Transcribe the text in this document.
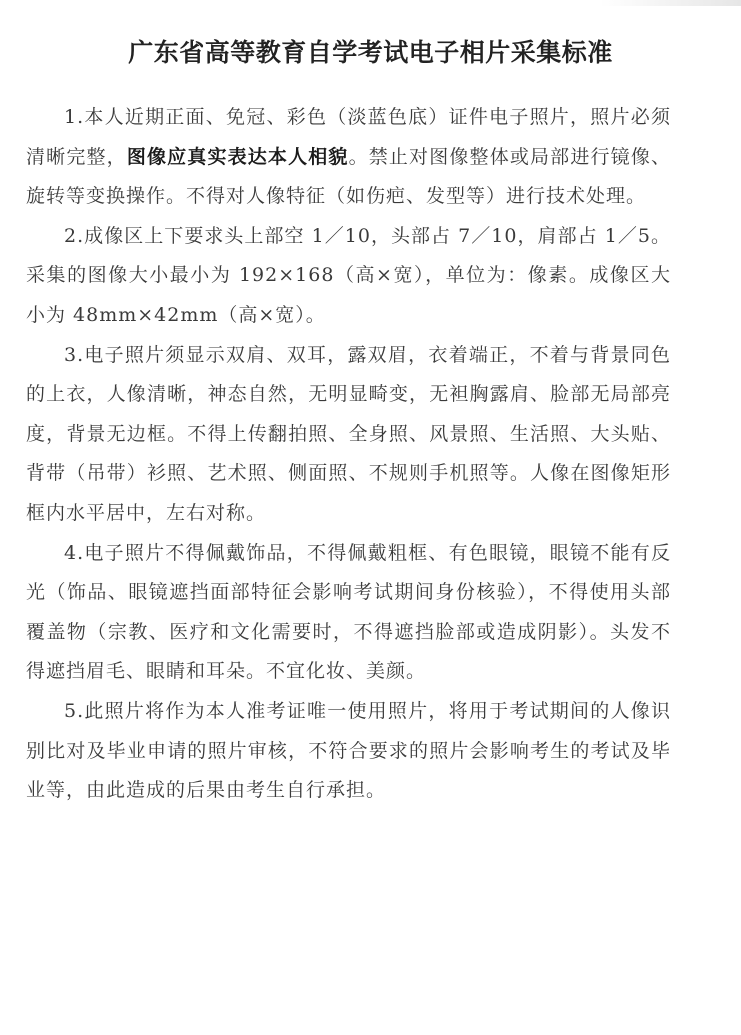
广东省高等教育自学考试电子相片采集标准

1.本人近期正面、免冠、彩色（淡蓝色底）证件电子照片，照片必须清晰完整，图像应真实表达本人相貌。禁止对图像整体或局部进行镜像、旋转等变换操作。不得对人像特征（如伤疤、发型等）进行技术处理。

2.成像区上下要求头上部空 1／10，头部占 7／10，肩部占 1／5。采集的图像大小最小为 192×168（高×宽），单位为：像素。成像区大小为 48mm×42mm（高×宽）。

3.电子照片须显示双肩、双耳，露双眉，衣着端正，不着与背景同色的上衣，人像清晰，神态自然，无明显畸变，无袒胸露肩、脸部无局部亮度，背景无边框。不得上传翻拍照、全身照、风景照、生活照、大头贴、背带（吊带）衫照、艺术照、侧面照、不规则手机照等。人像在图像矩形框内水平居中，左右对称。

4.电子照片不得佩戴饰品，不得佩戴粗框、有色眼镜，眼镜不能有反光（饰品、眼镜遮挡面部特征会影响考试期间身份核验），不得使用头部覆盖物（宗教、医疗和文化需要时，不得遮挡脸部或造成阴影）。头发不得遮挡眉毛、眼睛和耳朵。不宜化妆、美颜。

5.此照片将作为本人准考证唯一使用照片，将用于考试期间的人像识别比对及毕业申请的照片审核，不符合要求的照片会影响考生的考试及毕业等，由此造成的后果由考生自行承担。
